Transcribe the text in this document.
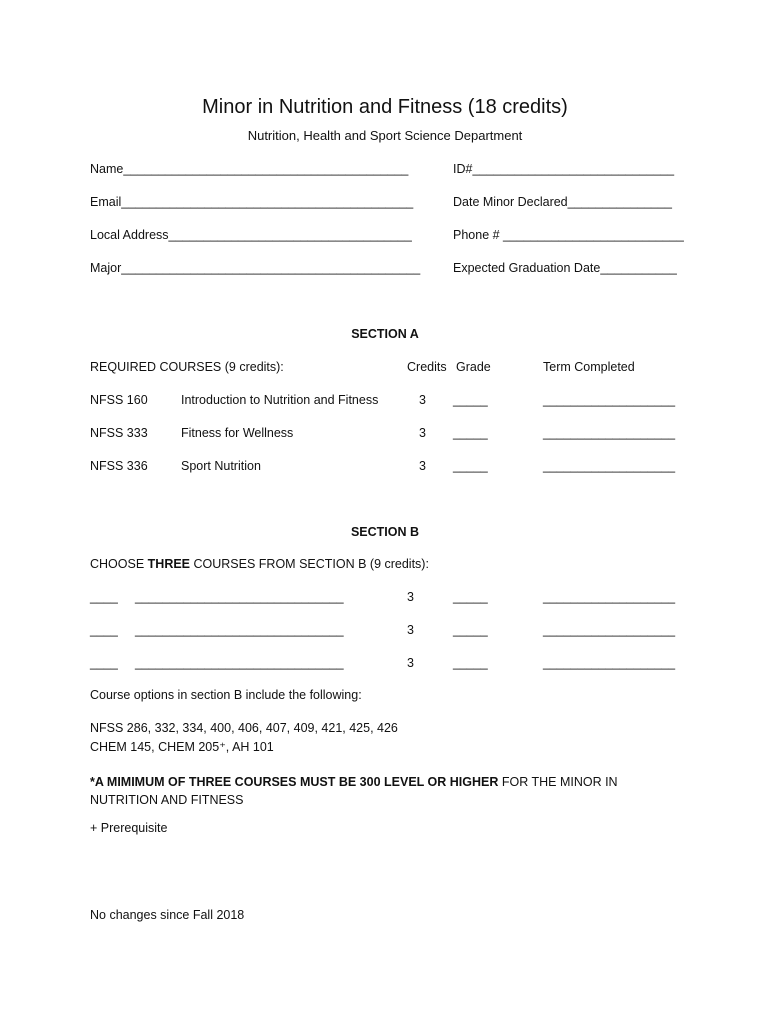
Minor in Nutrition and Fitness (18 credits)
Nutrition, Health and Sport Science Department
Name_________________________________________	ID#_____________________________
Email__________________________________________	Date Minor Declared_______________
Local Address___________________________________	Phone # __________________________
Major___________________________________________	Expected Graduation Date___________
SECTION A
REQUIRED COURSES (9 credits):	Credits Grade	Term Completed
NFSS 160	Introduction to Nutrition and Fitness	3 _____	___________________
NFSS 333	Fitness for Wellness	3 _____	___________________
NFSS 336	Sport Nutrition	3 _____	___________________
SECTION B
CHOOSE THREE COURSES FROM SECTION B (9 credits):
____ ______________________________	3	_____	___________________
____ ______________________________	3	_____	___________________
____ ______________________________	3	_____	___________________
Course options in section B include the following:
NFSS 286, 332, 334, 400, 406, 407, 409, 421, 425, 426
CHEM 145, CHEM 205⁺, AH 101
*A MIMIMUM OF THREE COURSES MUST BE 300 LEVEL OR HIGHER FOR THE MINOR IN NUTRITION AND FITNESS
+ Prerequisite
No changes since Fall 2018
